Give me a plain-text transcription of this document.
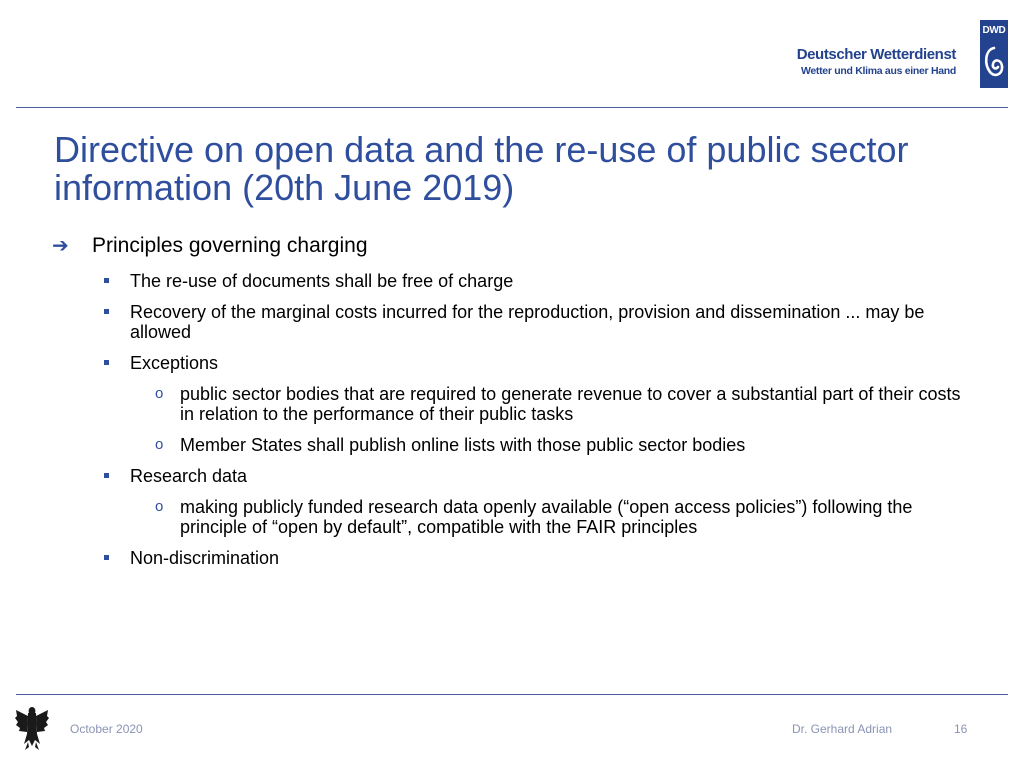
Deutscher Wetterdienst
Wetter und Klima aus einer Hand
DWD
Directive on open data and the re-use of public sector information (20th June 2019)
➔ Principles governing charging
The re-use of documents shall be free of charge
Recovery of the marginal costs incurred for the reproduction, provision and dissemination ... may be allowed
Exceptions
o public sector bodies that are required to generate revenue to cover a substantial part of their costs in relation to the performance of their public tasks
o Member States shall publish online lists with those public sector bodies
Research data
o making publicly funded research data openly available (“open access policies”) following the principle of “open by default”, compatible with the FAIR principles
Non-discrimination
October 2020	Dr. Gerhard Adrian	16
